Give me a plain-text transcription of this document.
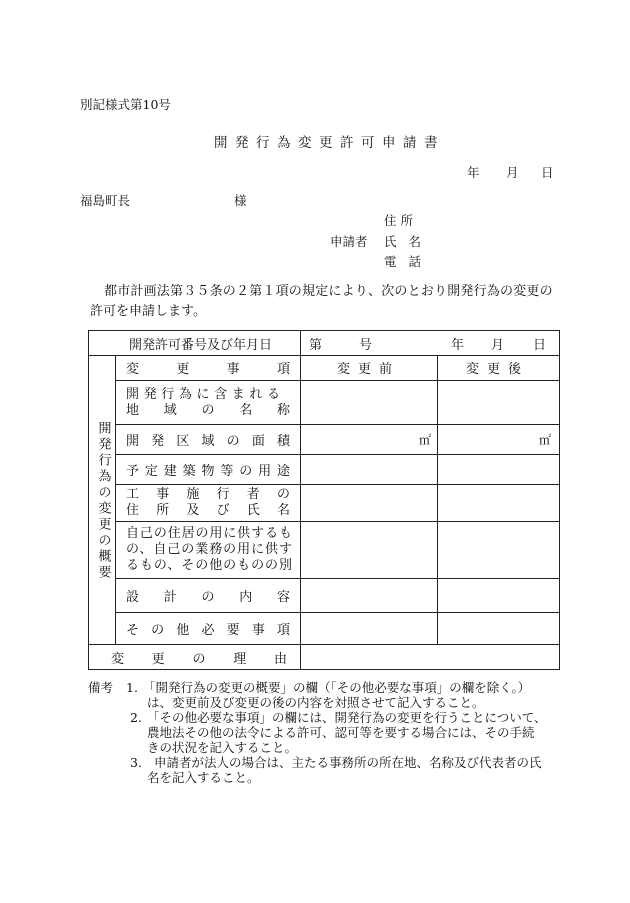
別記様式第10号
開発行為変更許可申請書
年 月 日
福島町長	様
住所
申請者 氏名
電話
都市計画法第３５条の２第１項の規定により、次のとおり開発行為の変更の
許可を申請します。
開発許可番号及び年月日	第	号	年 月 日
開発行為の変更の概要
変更事項	変更前	変更後
開発行為に含まれる
地域の名称
開発区域の面積	㎡	㎡
予定建築物等の用途
工事施行者の
住所及び氏名
自己の住居の用に供するも
の、自己の業務の用に供す
るもの、その他のものの別
設計の内容
その他必要事項
変更の理由
備考	1. 「開発行為の変更の概要」の欄（「その他必要な事項」の欄を除く。）
は、変更前及び変更の後の内容を対照させて記入すること。
2. 「その他必要な事項」の欄には、開発行為の変更を行うことについて、
農地法その他の法令による許可、認可等を要する場合には、その手続
きの状況を記入すること。
3. 申請者が法人の場合は、主たる事務所の所在地、名称及び代表者の氏
名を記入すること。
